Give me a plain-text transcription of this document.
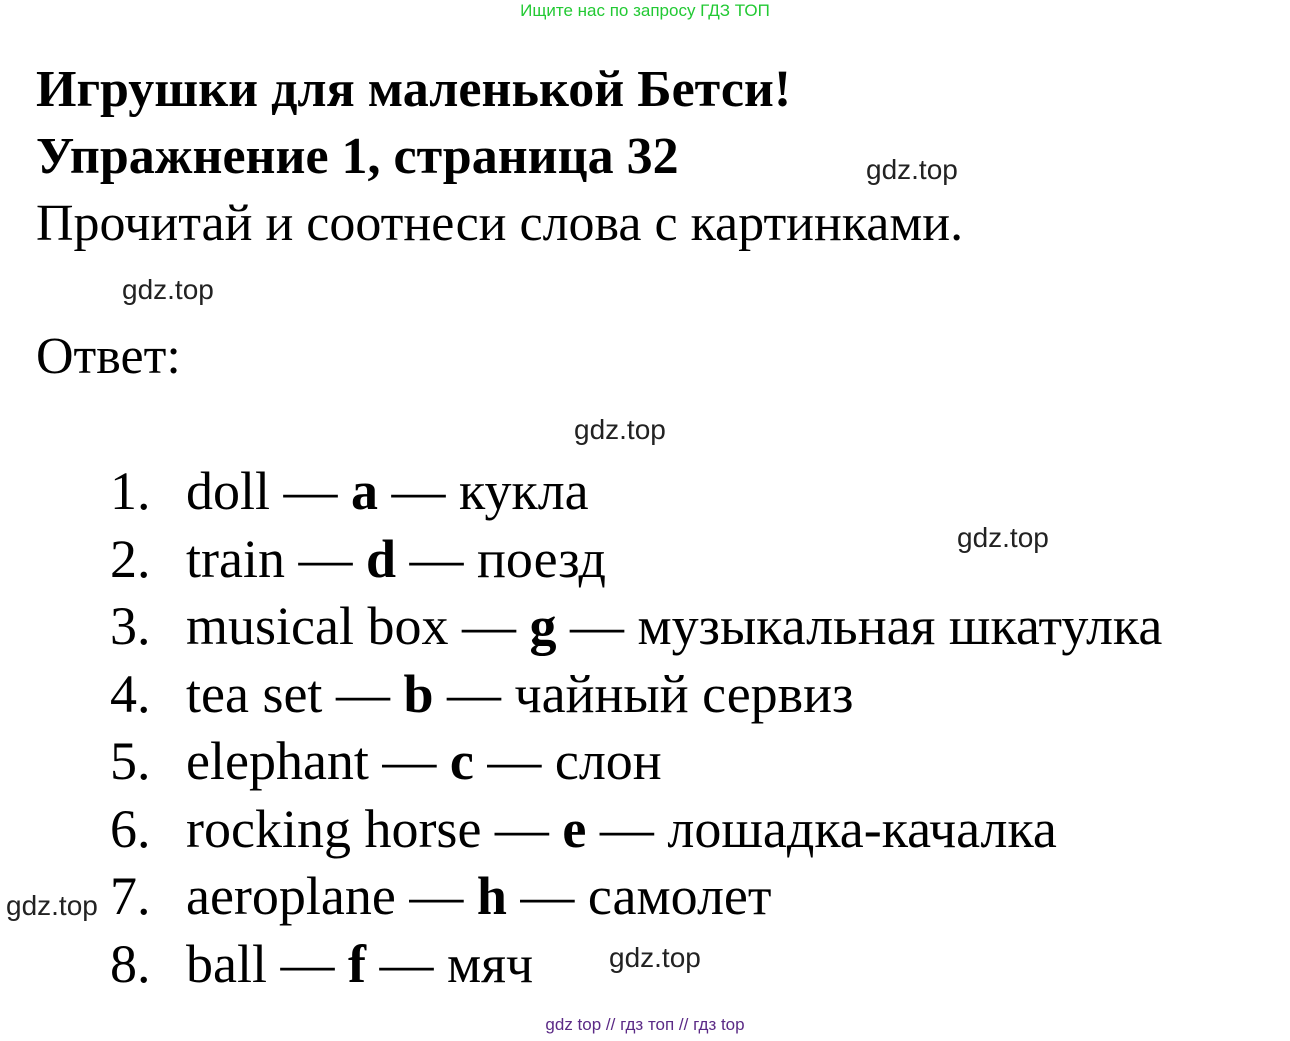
Ищите нас по запросу ГДЗ ТОП
Игрушки для маленькой Бетси!
Упражнение 1, страница 32
Прочитай и соотнеси слова с картинками.
Ответ:
1. doll — a — кукла
2. train — d — поезд
3. musical box — g — музыкальная шкатулка
4. tea set — b — чайный сервиз
5. elephant — c — слон
6. rocking horse — e — лошадка-качалка
7. aeroplane — h — самолет
8. ball — f — мяч
gdz.top
gdz.top
gdz.top
gdz.top
gdz.top
gdz.top
gdz top // гдз топ // гдз top
